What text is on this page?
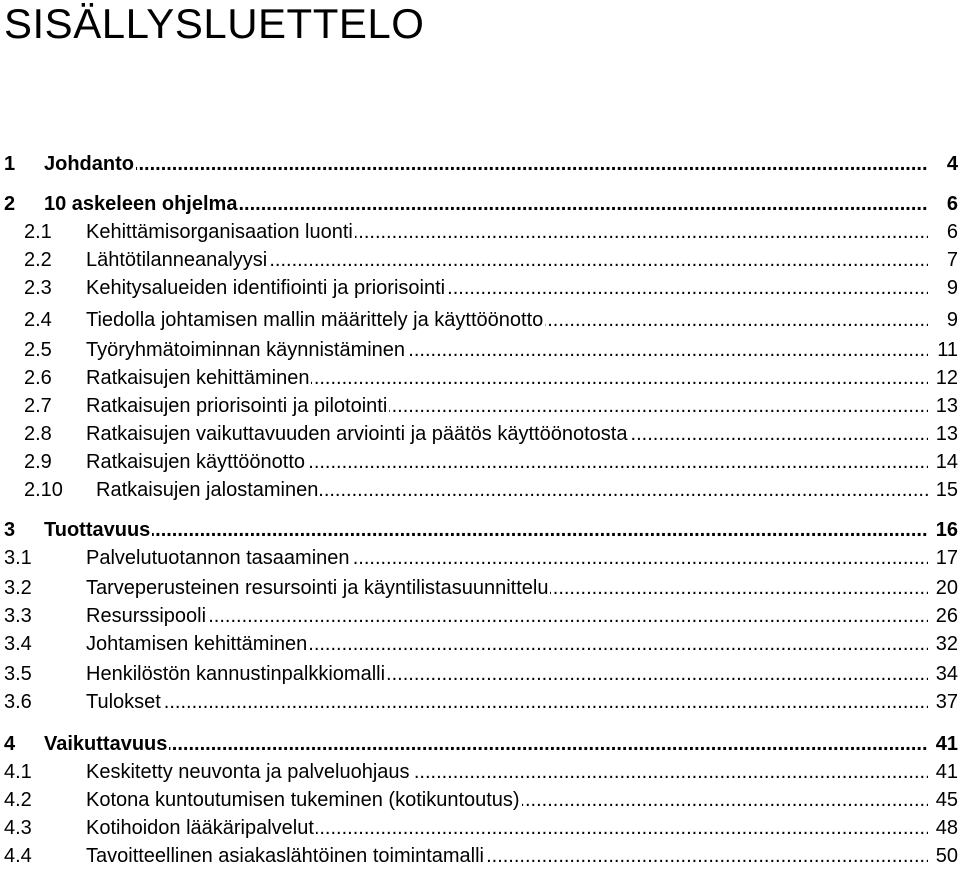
SISÄLLYSLUETTELO
1 Johdanto .....	4
2 10 askeleen ohjelma .....	6
2.1 Kehittämisorganisaation luonti .....	6
2.2 Lähtötilanneanalyysi .....	7
2.3 Kehitysalueiden identifiointi ja priorisointi .....	9
2.4 Tiedolla johtamisen mallin määrittely ja käyttöönotto .....	9
2.5 Työryhmätoiminnan käynnistäminen .....	11
2.6 Ratkaisujen kehittäminen .....	12
2.7 Ratkaisujen priorisointi ja pilotointi .....	13
2.8 Ratkaisujen vaikuttavuuden arviointi ja päätös käyttöönotosta .....	13
2.9 Ratkaisujen käyttöönotto .....	14
2.10 Ratkaisujen jalostaminen .....	15
3 Tuottavuus .....	16
3.1	Palvelutuotannon tasaaminen .....	17
3.2	Tarveperusteinen resursointi ja käyntilistasuunnittelu .....	20
3.3	Resurssipooli .....	26
3.4	Johtamisen kehittäminen .....	32
3.5	Henkilöstön kannustinpalkkiomalli .....	34
3.6	Tulokset .....	37
4 Vaikuttavuus .....	41
4.1	Keskitetty neuvonta ja palveluohjaus .....	41
4.2	Kotona kuntoutumisen tukeminen (kotikuntoutus) .....	45
4.3	Kotihoidon lääkäripalvelut .....	48
4.4	Tavoitteellinen asiakaslähtöinen toimintamalli .....	50
